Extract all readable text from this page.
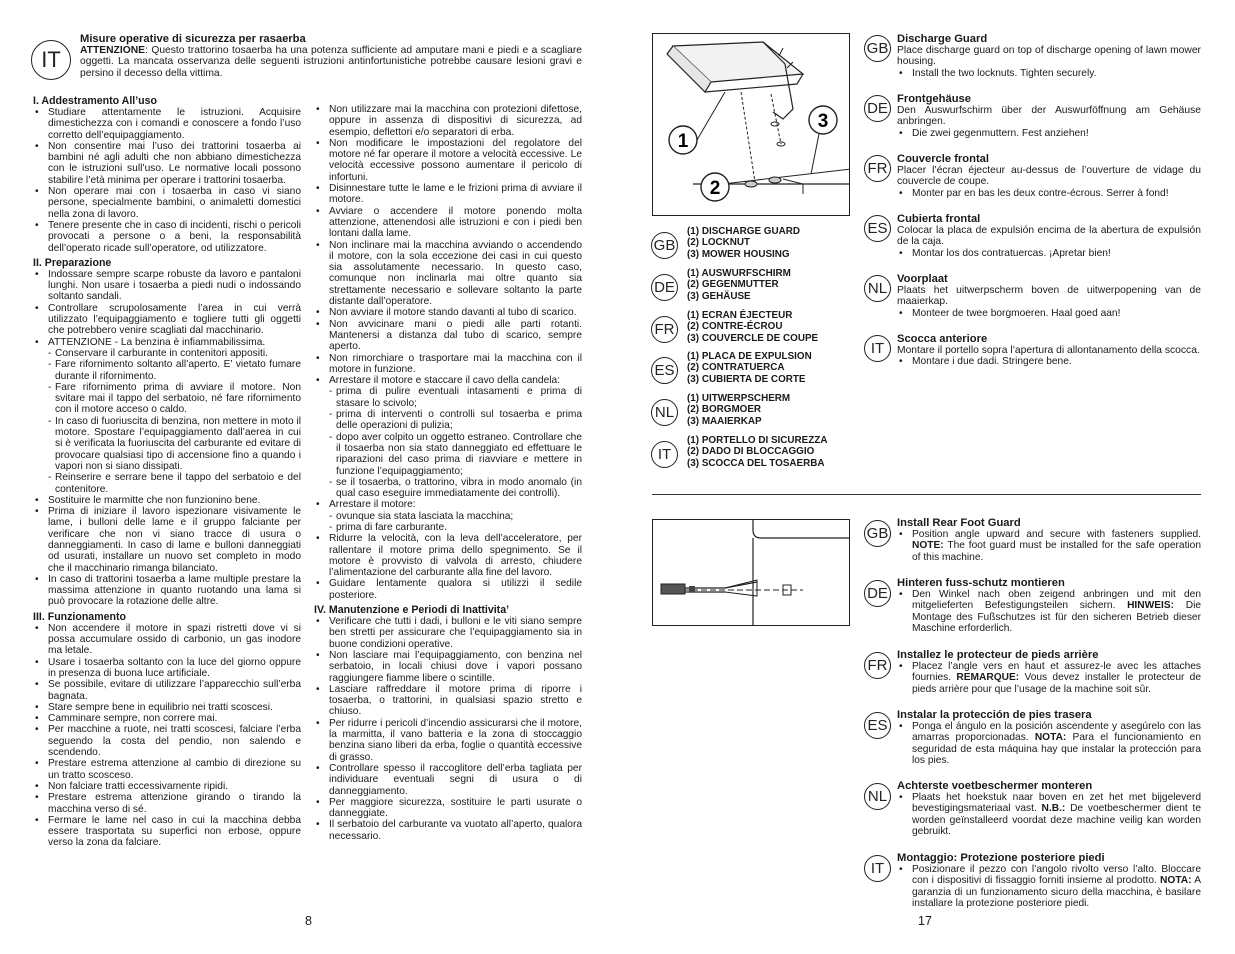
IT
Misure operative di sicurezza per rasaerba
ATTENZIONE: Questo trattorino tosaerba ha una potenza sufficiente ad amputare mani e piedi e a scagliare oggetti. La mancata osservanza delle seguenti istruzioni antinfortunistiche potrebbe causare lesioni gravi e persino il decesso della vittima.
I. Addestramento All’uso
• Studiare attentamente le istruzioni. Acquisire dimestichezza con i comandi e conoscere a fondo l’uso corretto dell’equipaggiamento.
• Non consentire mai l’uso dei trattorini tosaerba ai bambini né agli adulti che non abbiano dimestichezza con le istruzioni sull’uso. Le normative locali possono stabilire l’età minima per operare i trattorini tosaerba.
• Non operare mai con i tosaerba in caso vi siano persone, specialmente bambini, o animaletti domestici nella zona di lavoro.
• Tenere presente che in caso di incidenti, rischi o pericoli provocati a persone o a beni, la responsabilità dell’operato ricade sull’operatore, od utilizzatore.
II. Preparazione
• Indossare sempre scarpe robuste da lavoro e pantaloni lunghi. Non usare i tosaerba a piedi nudi o indossando soltanto sandali.
• Controllare scrupolosamente l’area in cui verrà utilizzato l’equipaggiamento e togliere tutti gli oggetti che potrebbero venire scagliati dal macchinario.
• ATTENZIONE - La benzina è infiammabilissima.
- Conservare il carburante in contenitori appositi.
- Fare rifornimento soltanto all’aperto. E’ vietato fumare durante il rifornimento.
- Fare rifornimento prima di avviare il motore. Non svitare mai il tappo del serbatoio, né fare rifornimento con il motore acceso o caldo.
- In caso di fuoriuscita di benzina, non mettere in moto il motore. Spostare l’equipaggiamento dall’aerea in cui si è verificata la fuoriuscita del carburante ed evitare di provocare qualsiasi tipo di accensione fino a quando i vapori non si siano dissipati.
- Reinserire e serrare bene il tappo del serbatoio e del contenitore.
• Sostituire le marmitte che non funzionino bene.
• Prima di iniziare il lavoro ispezionare visivamente le lame, i bulloni delle lame e il gruppo falciante per verificare che non vi siano tracce di usura o danneggiamenti. In caso di lame e bulloni danneggiati od usurati, installare un nuovo set completo in modo che il macchinario rimanga bilanciato.
• In caso di trattorini tosaerba a lame multiple prestare la massima attenzione in quanto ruotando una lama si può provocare la rotazione delle altre.
III. Funzionamento
• Non accendere il motore in spazi ristretti dove vi si possa accumulare ossido di carbonio, un gas inodore ma letale.
• Usare i tosaerba soltanto con la luce del giorno oppure in presenza di buona luce artificiale.
• Se possibile, evitare di utilizzare l’apparecchio sull’erba bagnata.
• Stare sempre bene in equilibrio nei tratti scoscesi.
• Camminare sempre, non correre mai.
• Per macchine a ruote, nei tratti scoscesi, falciare l’erba seguendo la costa del pendio, non salendo e scendendo.
• Prestare estrema attenzione al cambio di direzione su un tratto scosceso.
• Non falciare tratti eccessivamente ripidi.
• Prestare estrema attenzione girando o tirando la macchina verso di sé.
• Fermare le lame nel caso in cui la macchina debba essere trasportata su superfici non erbose, oppure verso la zona da falciare.
• Non utilizzare mai la macchina con protezioni difettose, oppure in assenza di dispositivi di sicurezza, ad esempio, deflettori e/o separatori di erba.
• Non modificare le impostazioni del regolatore del motore né far operare il motore a velocità eccessive. Le velocità eccessive possono aumentare il pericolo di infortuni.
• Disinnestare tutte le lame e le frizioni prima di avviare il motore.
• Avviare o accendere il motore ponendo molta attenzione, attenendosi alle istruzioni e con i piedi ben lontani dalla lame.
• Non inclinare mai la macchina avviando o accendendo il motore, con la sola eccezione dei casi in cui questo sia assolutamente necessario. In questo caso, comunque non inclinarla mai oltre quanto sia strettamente necessario e sollevare soltanto la parte distante dall’operatore.
• Non avviare il motore stando davanti al tubo di scarico.
• Non avvicinare mani o piedi alle parti rotanti. Mantenersi a distanza dal tubo di scarico, sempre aperto.
• Non rimorchiare o trasportare mai la macchina con il motore in funzione.
• Arrestare il motore e staccare il cavo della candela:
- prima di pulire eventuali intasamenti e prima di stasare lo scivolo;
- prima di interventi o controlli sul tosaerba e prima delle operazioni di pulizia;
- dopo aver colpito un oggetto estraneo. Controllare che il tosaerba non sia stato danneggiato ed effettuare le riparazioni del caso prima di riavviare e mettere in funzione l’equipaggiamento;
- se il tosaerba, o trattorino, vibra in modo anomalo (in qual caso eseguire immediatamente dei controlli).
• Arrestare il motore:
- ovunque sia stata lasciata la macchina;
- prima di fare carburante.
• Ridurre la velocità, con la leva dell’acceleratore, per rallentare il motore prima dello spegnimento. Se il motore è provvisto di valvola di arresto, chiudere l’alimentazione del carburante alla fine del lavoro.
• Guidare lentamente qualora si utilizzi il sedile posteriore.
IV. Manutenzione e Periodi di Inattivita’
• Verificare che tutti i dadi, i bulloni e le viti siano sempre ben stretti per assicurare che l’equipaggiamento sia in buone condizioni operative.
• Non lasciare mai l’equipaggiamento, con benzina nel serbatoio, in locali chiusi dove i vapori possano raggiungere fiamme libere o scintille.
• Lasciare raffreddare il motore prima di riporre i tosaerba, o trattorini, in qualsiasi spazio stretto e chiuso.
• Per ridurre i pericoli d’incendio assicurarsi che il motore, la marmitta, il vano batteria e la zona di stoccaggio benzina siano liberi da erba, foglie o quantità eccessive di grasso.
• Controllare spesso il raccoglitore dell’erba tagliata per individuare eventuali segni di usura o di danneggiamento.
• Per maggiore sicurezza, sostituire le parti usurate o danneggiate.
• Il serbatoio del carburante va vuotato all’aperto, qualora necessario.
8
1
2
3
GB
(1) DISCHARGE GUARD
(2) LOCKNUT
(3) MOWER HOUSING
DE
(1) AUSWURFSCHIRM
(2) GEGENMUTTER
(3) GEHÄUSE
FR
(1) ECRAN ÉJECTEUR
(2) CONTRE-ÉCROU
(3) COUVERCLE DE COUPE
ES
(1) PLACA DE EXPULSION
(2) CONTRATUERCA
(3) CUBIERTA DE CORTE
NL
(1) UITWERPSCHERM
(2) BORGMOER
(3) MAAIERKAP
IT
(1) PORTELLO DI SICUREZZA
(2) DADO DI BLOCCAGGIO
(3) SCOCCA DEL TOSAERBA
GB
Discharge Guard
Place discharge guard on top of discharge opening of lawn mower housing.
• Install the two locknuts. Tighten securely.
DE
Frontgehäuse
Den Auswurfschirm über der Auswurföffnung am Gehäuse anbringen.
• Die zwei gegenmuttern. Fest anziehen!
FR
Couvercle frontal
Placer l’écran éjecteur au-dessus de l’ouverture de vidage du couvercle de coupe.
• Monter par en bas les deux contre-écrous. Serrer à fond!
ES
Cubierta frontal
Colocar la placa de expulsión encima de la abertura de expulsión de la caja.
• Montar los dos contratuercas. ¡Apretar bien!
NL
Voorplaat
Plaats het uitwerpscherm boven de uitwerpopening van de maaierkap.
• Monteer de twee borgmoeren. Haal goed aan!
IT
Scocca anteriore
Montare il portello sopra l’apertura di allontanamento della scocca.
• Montare i due dadi. Stringere bene.
GB
Install Rear Foot Guard
• Position angle upward and secure with fasteners supplied. NOTE: The foot guard must be installed for the safe operation of this machine.
DE
Hinteren fuss-schutz montieren
• Den Winkel nach oben zeigend anbringen und mit den mitgelieferten Befestigungsteilen sichern. HINWEIS: Die Montage des Fußschutzes ist für den sicheren Betrieb dieser Maschine erforderlich.
FR
Installez le protecteur de pieds arrière
• Placez l’angle vers en haut et assurez-le avec les attaches fournies. REMARQUE: Vous devez installer le protecteur de pieds arrière pour que l’usage de la machine soit sûr.
ES
Instalar la protección de pies trasera
• Ponga el ángulo en la posición ascendente y asegúrelo con las amarras proporcionadas. NOTA: Para el funcionamiento en seguridad de esta máquina hay que instalar la protección para los pies.
NL
Achterste voetbeschermer monteren
• Plaats het hoekstuk naar boven en zet het met bijgeleverd bevestigingsmateriaal vast. N.B.: De voetbeschermer dient te worden geïnstalleerd voordat deze machine veilig kan worden gebruikt.
IT
Montaggio: Protezione posteriore piedi
• Posizionare il pezzo con l’angolo rivolto verso l’alto. Bloccare con i dispositivi di fissaggio forniti insieme al prodotto. NOTA: A garanzia di un funzionamento sicuro della macchina, è basilare installare la protezione posteriore piedi.
17
